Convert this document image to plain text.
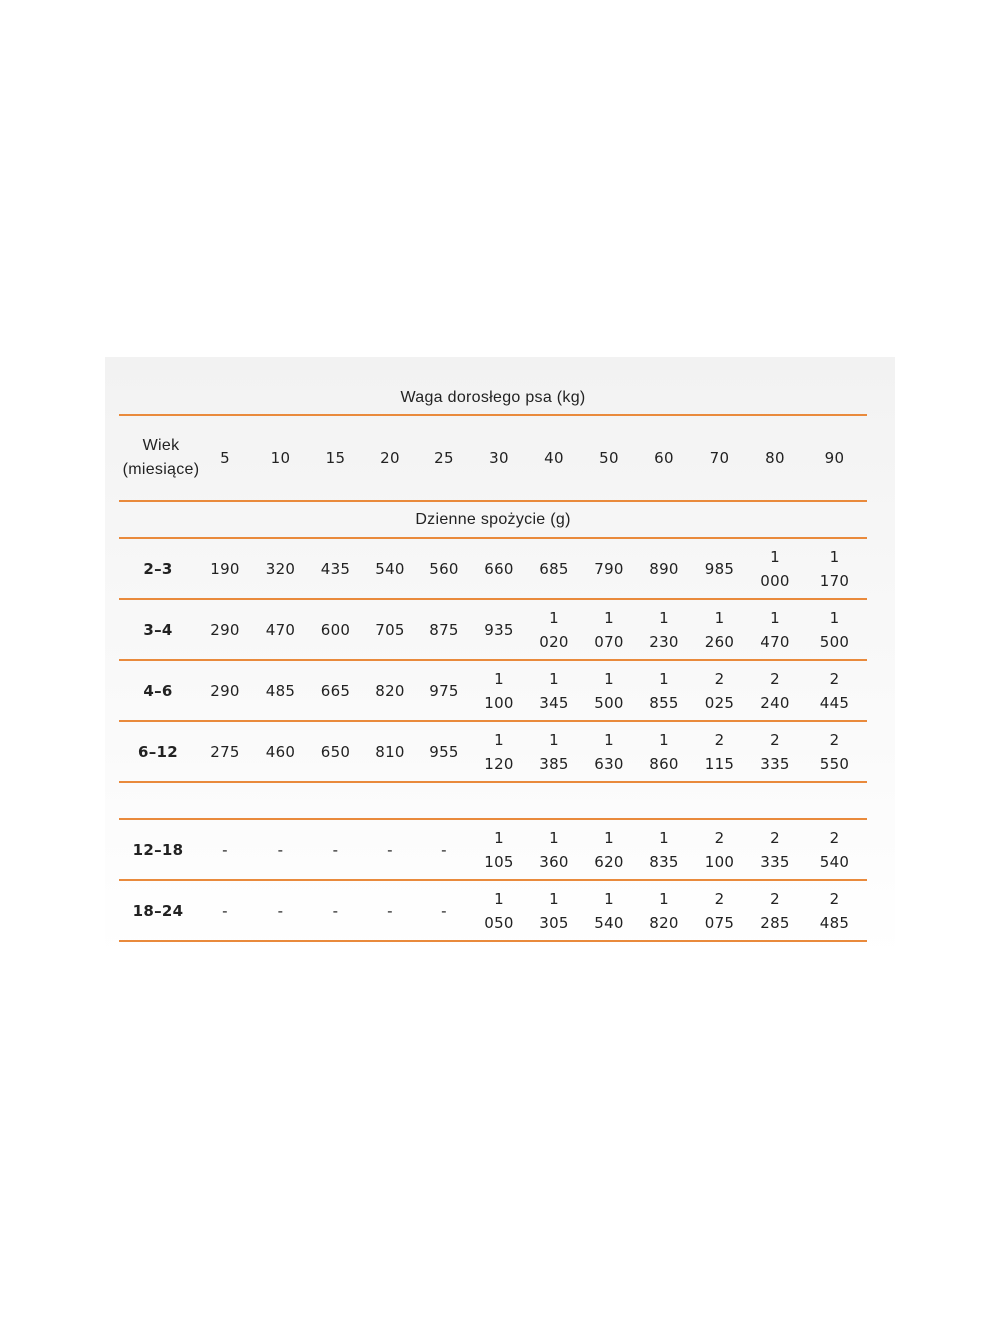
Waga dorosłego psa (kg)													
Wiek (miesiące)	5	10	15	20	25	30	40	50	60	70	80	90	
Dzienne spożycie (g)													
2–3	190	320	435	540	560	660	685	790	890	985	1 000	1 170	
3–4	290	470	600	705	875	935	1 020	1 070	1 230	1 260	1 470	1 500	
4–6	290	485	665	820	975	1 100	1 345	1 500	1 855	2 025	2 240	2 445	
6–12	275	460	650	810	955	1 120	1 385	1 630	1 860	2 115	2 335	2 550	

12–18	-	-	-	-	-	1 105	1 360	1 620	1 835	2 100	2 335	2 540	
18–24	-	-	-	-	-	1 050	1 305	1 540	1 820	2 075	2 285	2 485	
